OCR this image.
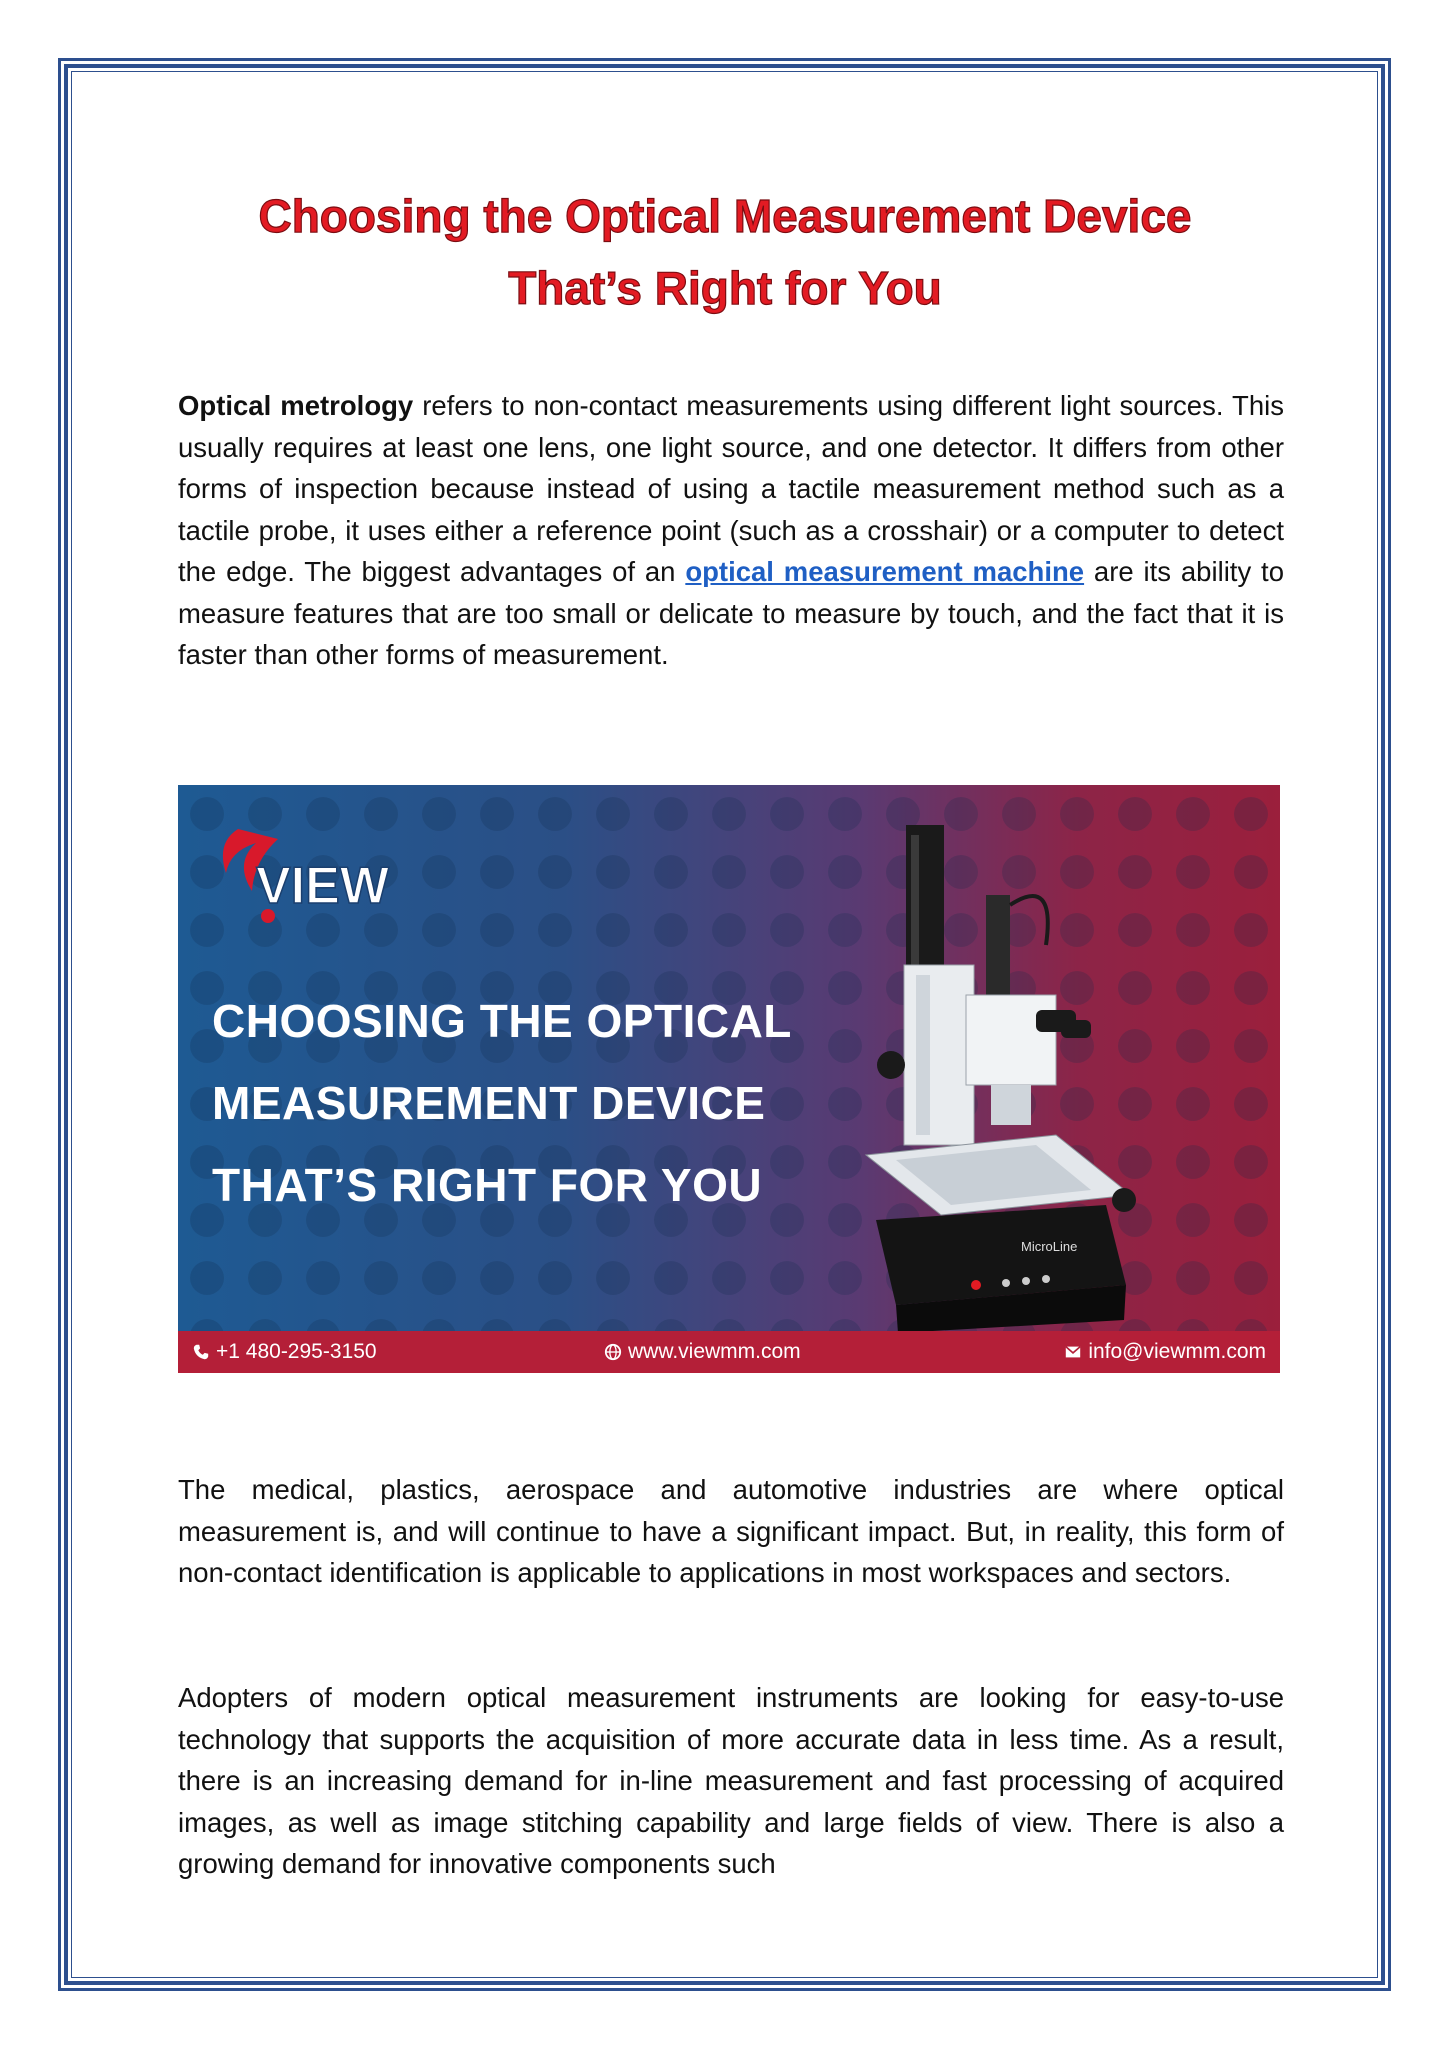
Choosing the Optical Measurement Device
That’s Right for You

Optical metrology refers to non-contact measurements using different light sources. This usually requires at least one lens, one light source, and one detector. It differs from other forms of inspection because instead of using a tactile measurement method such as a tactile probe, it uses either a reference point (such as a crosshair) or a computer to detect the edge. The biggest advantages of an optical measurement machine are its ability to measure features that are too small or delicate to measure by touch, and the fact that it is faster than other forms of measurement.

VIEW
CHOOSING THE OPTICAL
MEASUREMENT DEVICE
THAT’S RIGHT FOR YOU
MicroLine
+1 480-295-3150	www.viewmm.com	info@viewmm.com

The medical, plastics, aerospace and automotive industries are where optical measurement is, and will continue to have a significant impact. But, in reality, this form of non-contact identification is applicable to applications in most workspaces and sectors.

Adopters of modern optical measurement instruments are looking for easy-to-use technology that supports the acquisition of more accurate data in less time. As a result, there is an increasing demand for in-line measurement and fast processing of acquired images, as well as image stitching capability and large fields of view. There is also a growing demand for innovative components such
